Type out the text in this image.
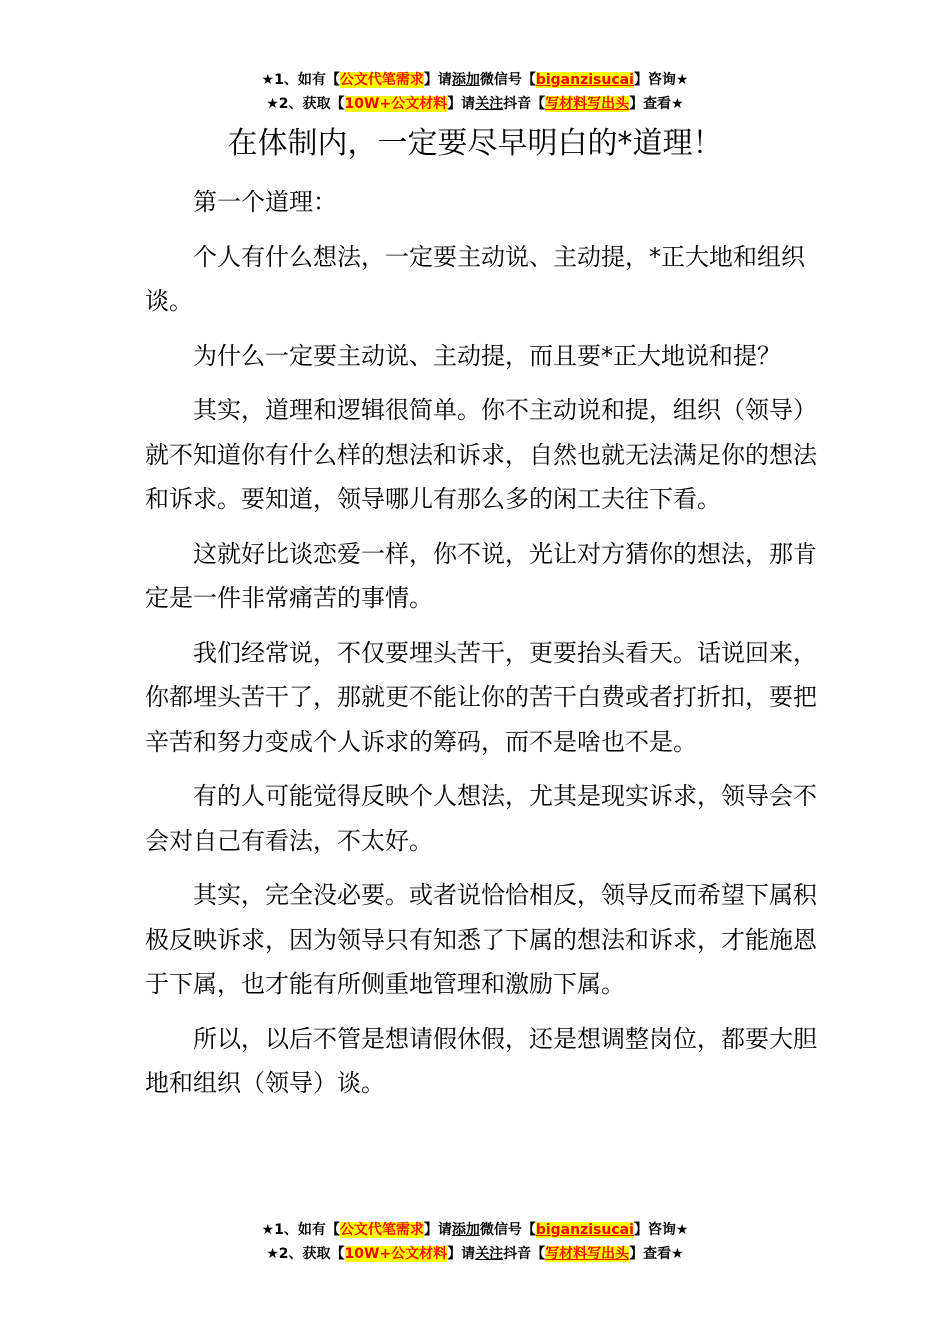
★1、如有【公文代笔需求】请添加微信号【biganzisucai】咨询★
★2、获取【10W+公文材料】请关注抖音【写材料写出头】查看★
在体制内，一定要尽早明白的*道理！

第一个道理：

个人有什么想法，一定要主动说、主动提，*正大地和组织谈。

为什么一定要主动说、主动提，而且要*正大地说和提？

其实，道理和逻辑很简单。你不主动说和提，组织（领导）就不知道你有什么样的想法和诉求，自然也就无法满足你的想法和诉求。要知道，领导哪儿有那么多的闲工夫往下看。

这就好比谈恋爱一样，你不说，光让对方猜你的想法，那肯定是一件非常痛苦的事情。

我们经常说，不仅要埋头苦干，更要抬头看天。话说回来，你都埋头苦干了，那就更不能让你的苦干白费或者打折扣，要把辛苦和努力变成个人诉求的筹码，而不是啥也不是。

有的人可能觉得反映个人想法，尤其是现实诉求，领导会不会对自己有看法，不太好。

其实，完全没必要。或者说恰恰相反，领导反而希望下属积极反映诉求，因为领导只有知悉了下属的想法和诉求，才能施恩于下属，也才能有所侧重地管理和激励下属。

所以，以后不管是想请假休假，还是想调整岗位，都要大胆地和组织（领导）谈。

★1、如有【公文代笔需求】请添加微信号【biganzisucai】咨询★
★2、获取【10W+公文材料】请关注抖音【写材料写出头】查看★
